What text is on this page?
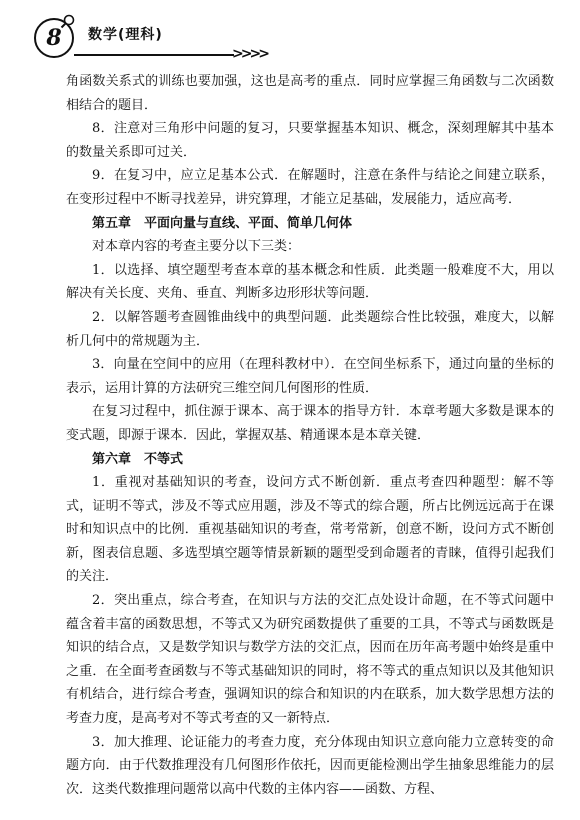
8 数学(理科)
>>>>

角函数关系式的训练也要加强，这也是高考的重点．同时应掌握三角函数与二次函数相结合的题目．

8．注意对三角形中问题的复习，只要掌握基本知识、概念，深刻理解其中基本的数量关系即可过关．

9．在复习中，应立足基本公式．在解题时，注意在条件与结论之间建立联系，在变形过程中不断寻找差异，讲究算理，才能立足基础，发展能力，适应高考．

第五章　平面向量与直线、平面、简单几何体

对本章内容的考查主要分以下三类：

1．以选择、填空题型考查本章的基本概念和性质．此类题一般难度不大，用以解决有关长度、夹角、垂直、判断多边形形状等问题．

2．以解答题考查圆锥曲线中的典型问题．此类题综合性比较强，难度大，以解析几何中的常规题为主．

3．向量在空间中的应用（在理科教材中）．在空间坐标系下，通过向量的坐标的表示，运用计算的方法研究三维空间几何图形的性质．

在复习过程中，抓住源于课本、高于课本的指导方针．本章考题大多数是课本的变式题，即源于课本．因此，掌握双基、精通课本是本章关键．

第六章　不等式

1．重视对基础知识的考查，设问方式不断创新．重点考查四种题型：解不等式，证明不等式，涉及不等式应用题，涉及不等式的综合题，所占比例远远高于在课时和知识点中的比例．重视基础知识的考查，常考常新，创意不断，设问方式不断创新，图表信息题、多选型填空题等情景新颖的题型受到命题者的青睐，值得引起我们的关注．

2．突出重点，综合考查，在知识与方法的交汇点处设计命题，在不等式问题中蕴含着丰富的函数思想，不等式又为研究函数提供了重要的工具，不等式与函数既是知识的结合点，又是数学知识与数学方法的交汇点，因而在历年高考题中始终是重中之重．在全面考查函数与不等式基础知识的同时，将不等式的重点知识以及其他知识有机结合，进行综合考查，强调知识的综合和知识的内在联系，加大数学思想方法的考查力度，是高考对不等式考查的又一新特点．

3．加大推理、论证能力的考查力度，充分体现由知识立意向能力立意转变的命题方向．由于代数推理没有几何图形作依托，因而更能检测出学生抽象思维能力的层次．这类代数推理问题常以高中代数的主体内容——函数、方程、
